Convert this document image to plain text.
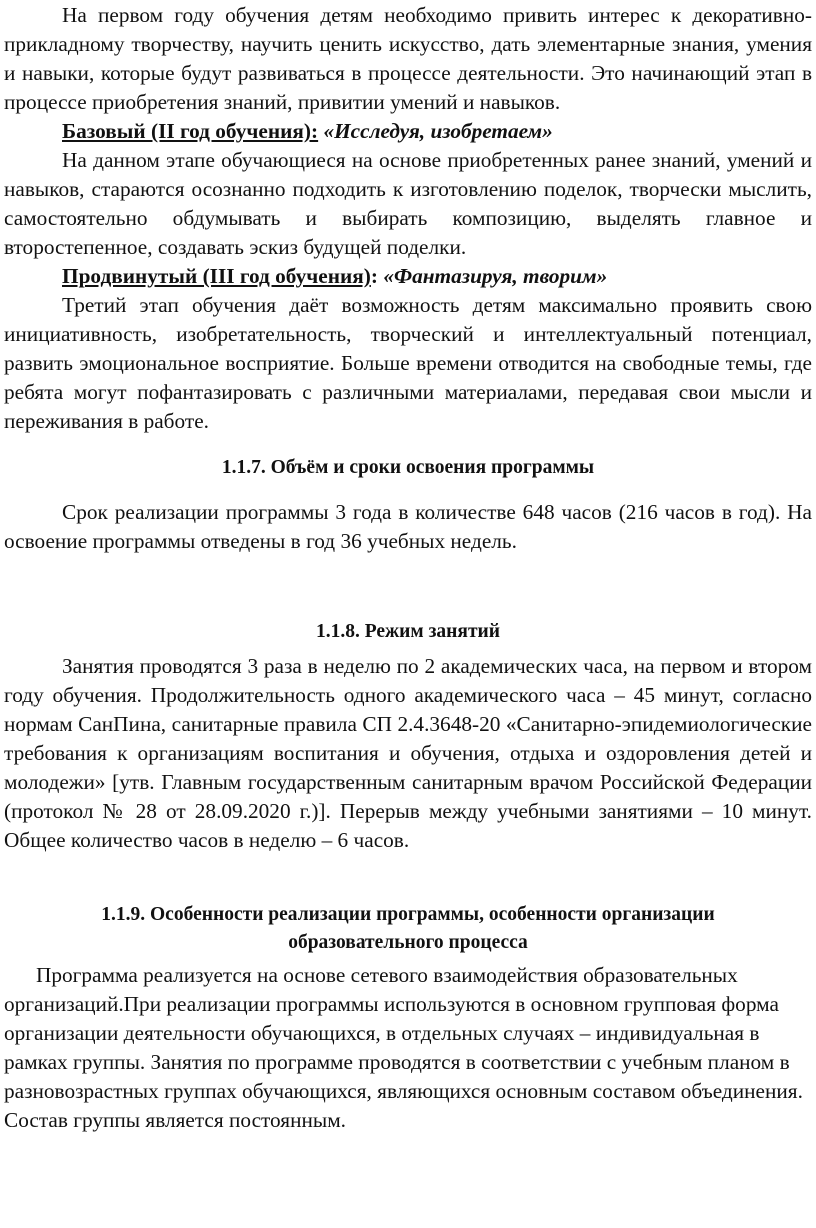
На первом году обучения детям необходимо привить интерес к декоративно-прикладному творчеству, научить ценить искусство, дать элементарные знания, умения и навыки, которые будут развиваться в процессе деятельности. Это начинающий этап в процессе приобретения знаний, привитии умений и навыков.

Базовый (II год обучения): «Исследуя, изобретаем»

На данном этапе обучающиеся на основе приобретенных ранее знаний, умений и навыков, стараются осознанно подходить к изготовлению поделок, творчески мыслить, самостоятельно обдумывать и выбирать композицию, выделять главное и второстепенное, создавать эскиз будущей поделки.

Продвинутый (III год обучения): «Фантазируя, творим»

Третий этап обучения даёт возможность детям максимально проявить свою инициативность, изобретательность, творческий и интеллектуальный потенциал, развить эмоциональное восприятие. Больше времени отводится на свободные темы, где ребята могут пофантазировать с различными материалами, передавая свои мысли и переживания в работе.

1.1.7. Объём и сроки освоения программы

Срок реализации программы 3 года в количестве 648 часов (216 часов в год). На освоение программы отведены в год 36 учебных недель.

1.1.8. Режим занятий

Занятия проводятся 3 раза в неделю по 2 академических часа, на первом и втором году обучения. Продолжительность одного академического часа – 45 минут, согласно нормам СанПина, санитарные правила СП 2.4.3648-20 «Санитарно-эпидемиологические требования к организациям воспитания и обучения, отдыха и оздоровления детей и молодежи» [утв. Главным государственным санитарным врачом Российской Федерации (протокол № 28 от 28.09.2020 г.)]. Перерыв между учебными занятиями – 10 минут. Общее количество часов в неделю – 6 часов.

1.1.9. Особенности реализации программы, особенности организации

образовательного процесса

Программа реализуется на основе сетевого взаимодействия образовательных организаций.При реализации программы используются в основном групповая форма организации деятельности обучающихся, в отдельных случаях – индивидуальная в рамках группы. Занятия по программе проводятся в соответствии с учебным планом в разновозрастных группах обучающихся, являющихся основным составом объединения. Состав группы является постоянным.
